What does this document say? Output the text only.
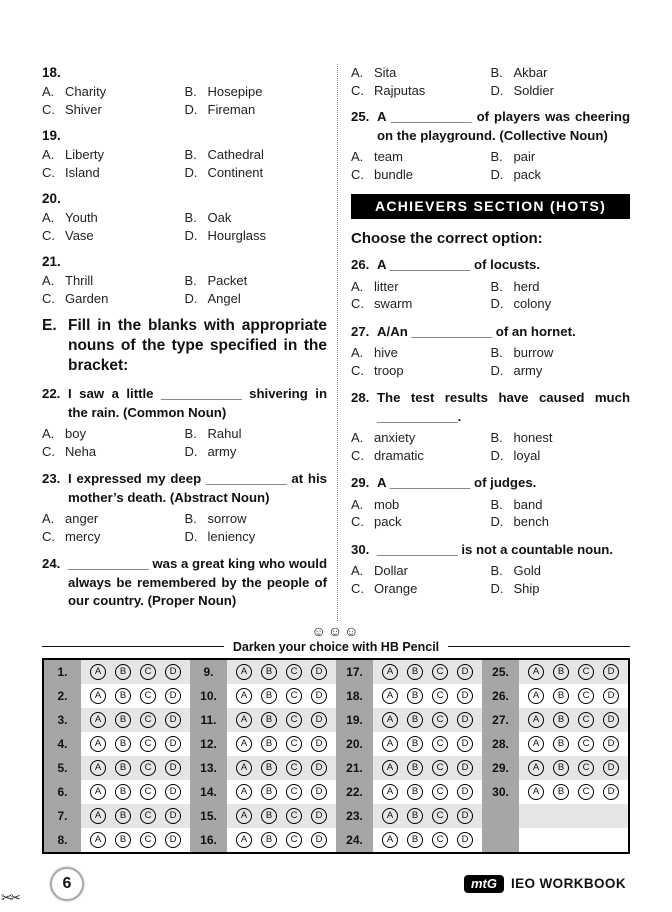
18.
A. Charity	B. Hosepipe
C. Shiver	D. Fireman
19.
A. Liberty	B. Cathedral
C. Island	D. Continent
20.
A. Youth	B. Oak
C. Vase	D. Hourglass
21.
A. Thrill	B. Packet
C. Garden	D. Angel
E. Fill in the blanks with appropriate nouns of the type specified in the bracket:
22. I saw a little ___________ shivering in the rain. (Common Noun)
A. boy	B. Rahul
C. Neha	D. army
23. I expressed my deep ___________ at his mother’s death. (Abstract Noun)
A. anger	B. sorrow
C. mercy	D. leniency
24. ___________ was a great king who would always be remembered by the people of our country. (Proper Noun)
A. Sita	B. Akbar
C. Rajputas	D. Soldier
25. A ___________ of players was cheering on the playground. (Collective Noun)
A. team	B. pair
C. bundle	D. pack
ACHIEVERS SECTION (HOTS)
Choose the correct option:
26. A ___________ of locusts.
A. litter	B. herd
C. swarm	D. colony
27. A/An ___________ of an hornet.
A. hive	B. burrow
C. troop	D. army
28. The test results have caused much ___________.
A. anxiety	B. honest
C. dramatic	D. loyal
29. A ___________ of judges.
A. mob	B. band
C. pack	D. bench
30. ___________ is not a countable noun.
A. Dollar	B. Gold
C. Orange	D. Ship
☺☺☺
Darken your choice with HB Pencil
1.	A	B	C	D
2.	A	B	C	D
3.	A	B	C	D
4.	A	B	C	D
5.	A	B	C	D
6.	A	B	C	D
7.	A	B	C	D
8.	A	B	C	D
9.	A	B	C	D
10.	A	B	C	D
11.	A	B	C	D
12.	A	B	C	D
13.	A	B	C	D
14.	A	B	C	D
15.	A	B	C	D
16.	A	B	C	D
17.	A	B	C	D
18.	A	B	C	D
19.	A	B	C	D
20.	A	B	C	D
21.	A	B	C	D
22.	A	B	C	D
23.	A	B	C	D
24.	A	B	C	D
25.	A	B	C	D
26.	A	B	C	D
27.	A	B	C	D
28.	A	B	C	D
29.	A	B	C	D
30.	A	B	C	D
6	mtG	IEO WORKBOOK
✂✂
